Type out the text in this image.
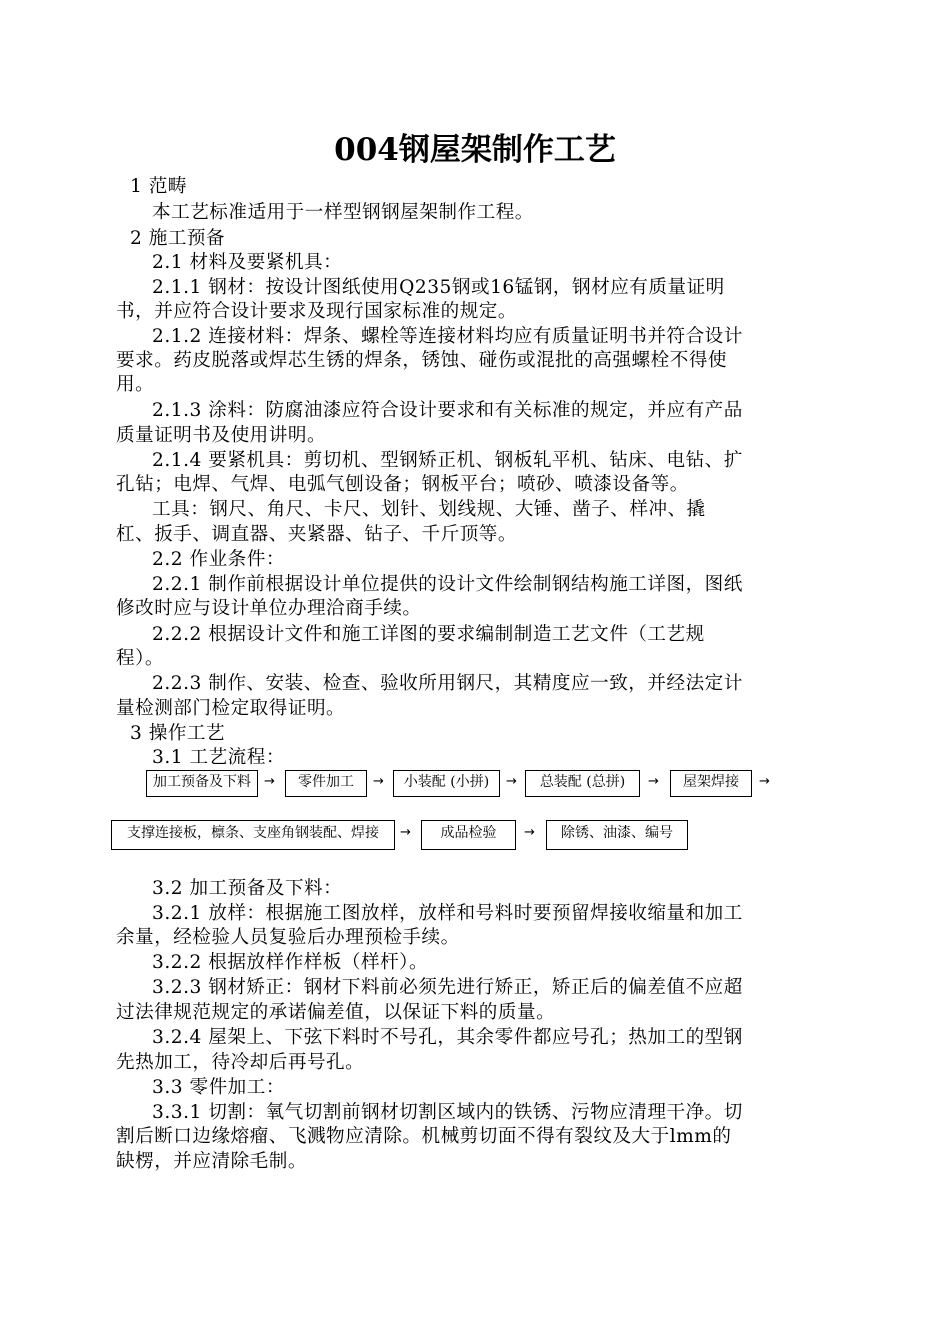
004钢屋架制作工艺
1 范畴
本工艺标准适用于一样型钢钢屋架制作工程。
2 施工预备
2.1 材料及要紧机具：
2.1.1 钢材：按设计图纸使用Q235钢或16锰钢，钢材应有质量证明
书，并应符合设计要求及现行国家标准的规定。
2.1.2 连接材料：焊条、螺栓等连接材料均应有质量证明书并符合设计
要求。药皮脱落或焊芯生锈的焊条，锈蚀、碰伤或混批的高强螺栓不得使
用。
2.1.3 涂料：防腐油漆应符合设计要求和有关标准的规定，并应有产品
质量证明书及使用讲明。
2.1.4 要紧机具：剪切机、型钢矫正机、钢板轧平机、钻床、电钻、扩
孔钻；电焊、气焊、电弧气刨设备；钢板平台；喷砂、喷漆设备等。
工具：钢尺、角尺、卡尺、划针、划线规、大锤、凿子、样冲、撬
杠、扳手、调直器、夹紧器、钻子、千斤顶等。
2.2 作业条件：
2.2.1 制作前根据设计单位提供的设计文件绘制钢结构施工详图，图纸
修改时应与设计单位办理洽商手续。
2.2.2 根据设计文件和施工详图的要求编制制造工艺文件（工艺规
程）。
2.2.3 制作、安装、检查、验收所用钢尺，其精度应一致，并经法定计
量检测部门检定取得证明。
3 操作工艺
3.1 工艺流程：
加工预备及下料	→	零件加工	→	小装配 (小拼)	→	总装配 (总拼)	→	屋架焊接	→
支撑连接板，檩条、支座角钢装配、焊接	→	成品检验	→	除锈、油漆、编号
3.2 加工预备及下料：
3.2.1 放样：根据施工图放样，放样和号料时要预留焊接收缩量和加工
余量，经检验人员复验后办理预检手续。
3.2.2 根据放样作样板（样杆）。
3.2.3 钢材矫正：钢材下料前必须先进行矫正，矫正后的偏差值不应超
过法律规范规定的承诺偏差值，以保证下料的质量。
3.2.4 屋架上、下弦下料时不号孔，其余零件都应号孔；热加工的型钢
先热加工，待冷却后再号孔。
3.3 零件加工：
3.3.1 切割：氧气切割前钢材切割区域内的铁锈、污物应清理干净。切
割后断口边缘熔瘤、飞溅物应清除。机械剪切面不得有裂纹及大于lmm的
缺楞，并应清除毛制。
